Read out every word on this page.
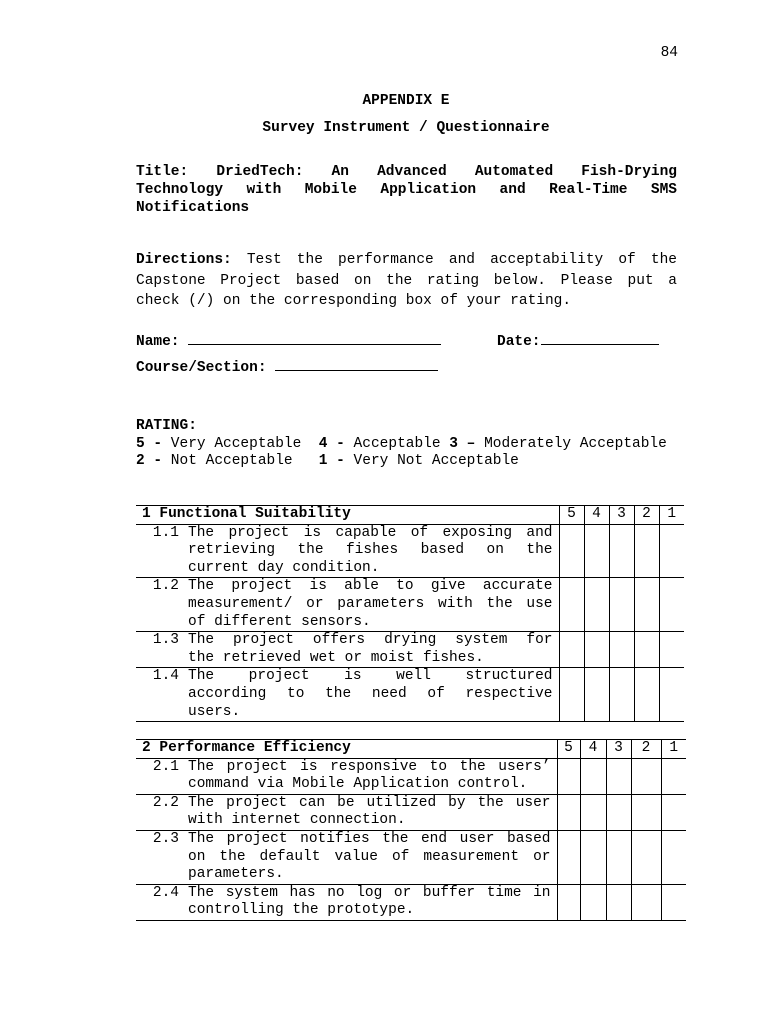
84
APPENDIX E
Survey Instrument / Questionnaire
Title: DriedTech: An Advanced Automated Fish-Drying
Technology with Mobile Application and Real-Time SMS
Notifications
Directions: Test the performance and acceptability of the
Capstone Project based on the rating below. Please put a
check (/) on the corresponding box of your rating.
Name:	Date:
Course/Section:
RATING:
5 - Very Acceptable  4 - Acceptable 3 – Moderately Acceptable
2 - Not Acceptable   1 - Very Not Acceptable
1 Functional Suitability		5	4	3	2	1
1.1	The project is capable of exposing and
retrieving the fishes based on the
current day condition.					

1.2	The project is able to give accurate
measurement/ or parameters with the use
of different sensors.					

1.3	The project offers drying system for
the retrieved wet or moist fishes.					

1.4	The project is well structured
according to the need of respective
users.					

2 Performance Efficiency		5	4	3	2	1
2.1	The project is responsive to the users’
command via Mobile Application control.					

2.2	The project can be utilized by the user
with internet connection.					

2.3	The project notifies the end user based
on the default value of measurement or
parameters.					

2.4	The system has no log or buffer time in
controlling the prototype.					
